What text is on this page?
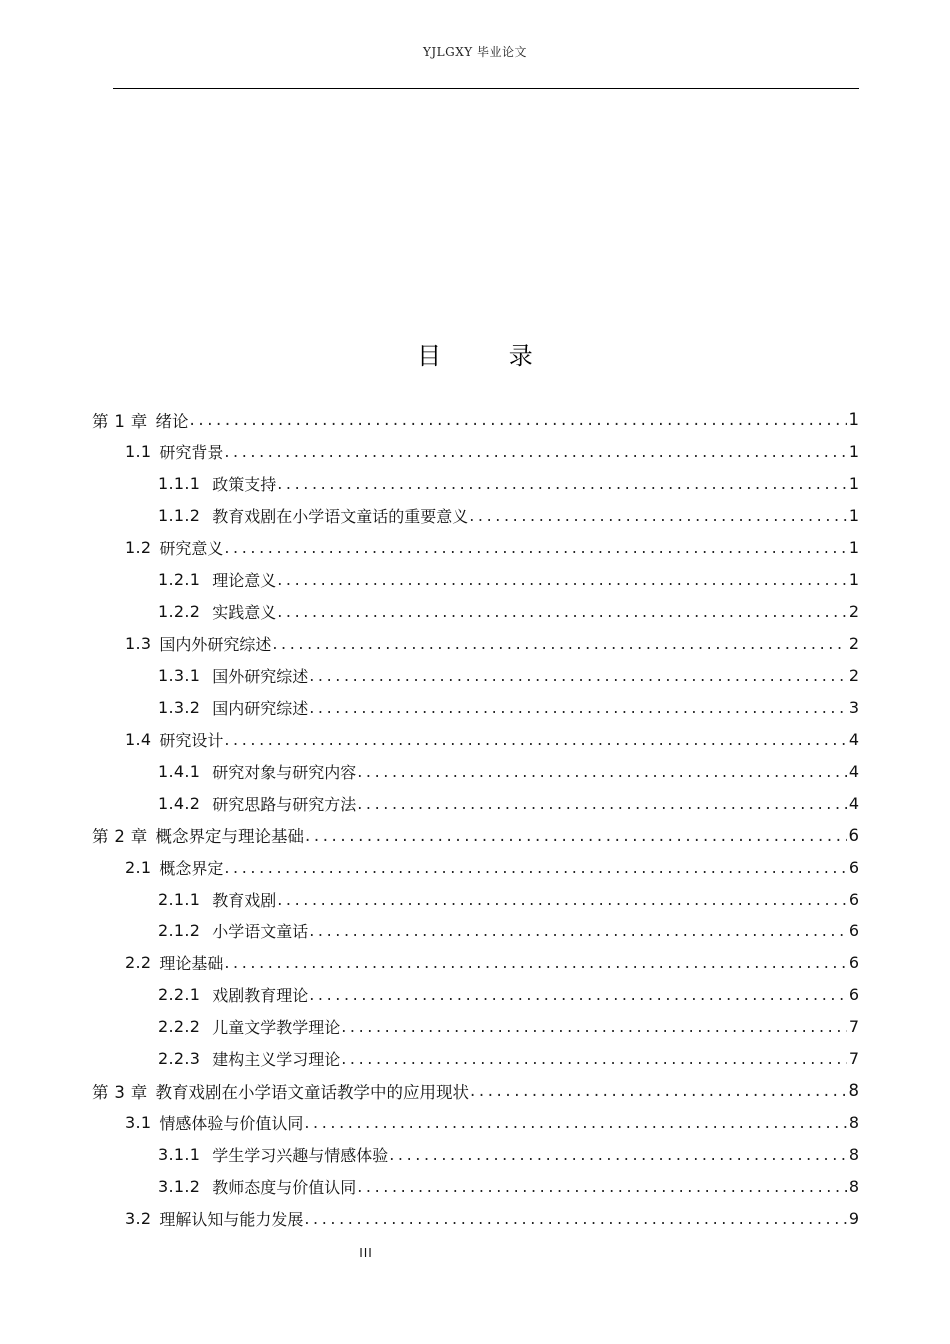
YJLGXY 毕业论文
目 录
第 1 章 绪论 .....	1
1.1 研究背景 .....	1
1.1.1 政策支持 .....	1
1.1.2 教育戏剧在小学语文童话的重要意义 .....	1
1.2 研究意义 .....	1
1.2.1 理论意义 .....	1
1.2.2 实践意义 .....	2
1.3 国内外研究综述 .....	2
1.3.1 国外研究综述 .....	2
1.3.2 国内研究综述 .....	3
1.4 研究设计 .....	4
1.4.1 研究对象与研究内容 .....	4
1.4.2 研究思路与研究方法 .....	4
第 2 章 概念界定与理论基础 .....	6
2.1 概念界定 .....	6
2.1.1 教育戏剧 .....	6
2.1.2 小学语文童话 .....	6
2.2 理论基础 .....	6
2.2.1 戏剧教育理论 .....	6
2.2.2 儿童文学教学理论 .....	7
2.2.3 建构主义学习理论 .....	7
第 3 章 教育戏剧在小学语文童话教学中的应用现状 .....	8
3.1 情感体验与价值认同 .....	8
3.1.1 学生学习兴趣与情感体验 .....	8
3.1.2 教师态度与价值认同 .....	8
3.2 理解认知与能力发展 .....	9
III
